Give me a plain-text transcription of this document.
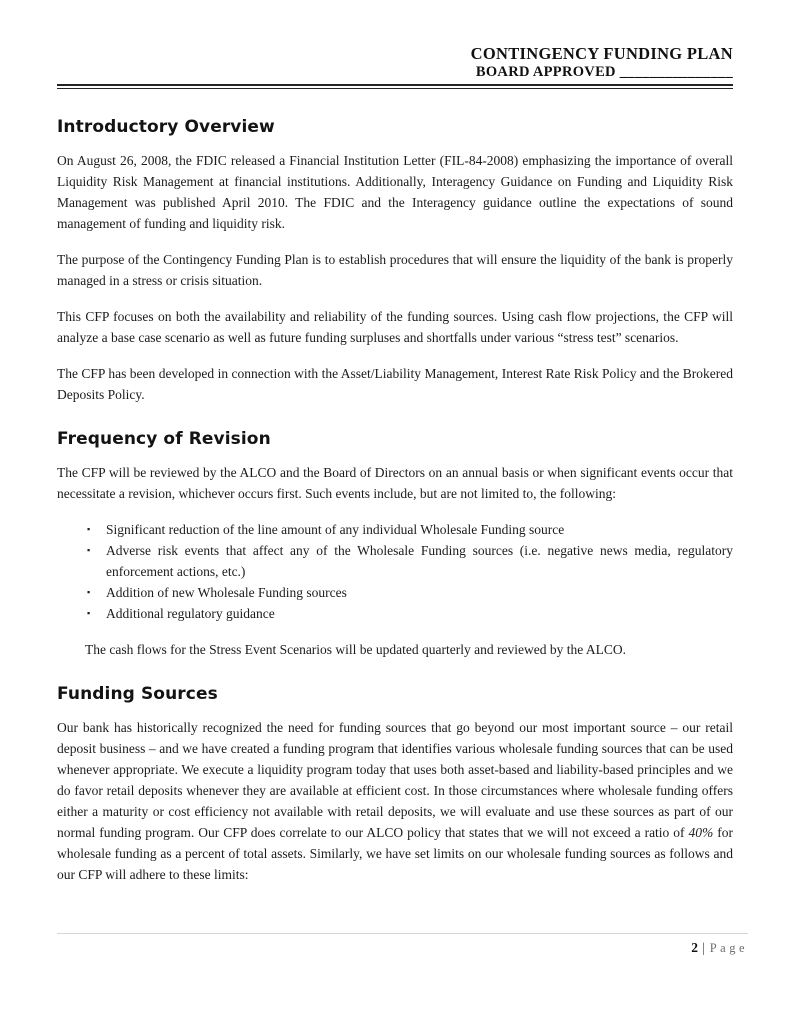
CONTINGENCY FUNDING PLAN
BOARD APPROVED _______________
Introductory Overview

On August 26, 2008, the FDIC released a Financial Institution Letter (FIL-84-2008) emphasizing the importance of overall Liquidity Risk Management at financial institutions. Additionally, Interagency Guidance on Funding and Liquidity Risk Management was published April 2010. The FDIC and the Interagency guidance outline the expectations of sound management of funding and liquidity risk.

The purpose of the Contingency Funding Plan is to establish procedures that will ensure the liquidity of the bank is properly managed in a stress or crisis situation.

This CFP focuses on both the availability and reliability of the funding sources. Using cash flow projections, the CFP will analyze a base case scenario as well as future funding surpluses and shortfalls under various “stress test” scenarios.

The CFP has been developed in connection with the Asset/Liability Management, Interest Rate Risk Policy and the Brokered Deposits Policy.

Frequency of Revision

The CFP will be reviewed by the ALCO and the Board of Directors on an annual basis or when significant events occur that necessitate a revision, whichever occurs first. Such events include, but are not limited to, the following:

▪	Significant reduction of the line amount of any individual Wholesale Funding source
▪	Adverse risk events that affect any of the Wholesale Funding sources (i.e. negative news media, regulatory enforcement actions, etc.)
▪	Addition of new Wholesale Funding sources
▪	Additional regulatory guidance

The cash flows for the Stress Event Scenarios will be updated quarterly and reviewed by the ALCO.

Funding Sources

Our bank has historically recognized the need for funding sources that go beyond our most important source – our retail deposit business – and we have created a funding program that identifies various wholesale funding sources that can be used whenever appropriate. We execute a liquidity program today that uses both asset-based and liability-based principles and we do favor retail deposits whenever they are available at efficient cost. In those circumstances where wholesale funding offers either a maturity or cost efficiency not available with retail deposits, we will evaluate and use these sources as part of our normal funding program. Our CFP does correlate to our ALCO policy that states that we will not exceed a ratio of 40% for wholesale funding as a percent of total assets. Similarly, we have set limits on our wholesale funding sources as follows and our CFP will adhere to these limits:

2 | Page
